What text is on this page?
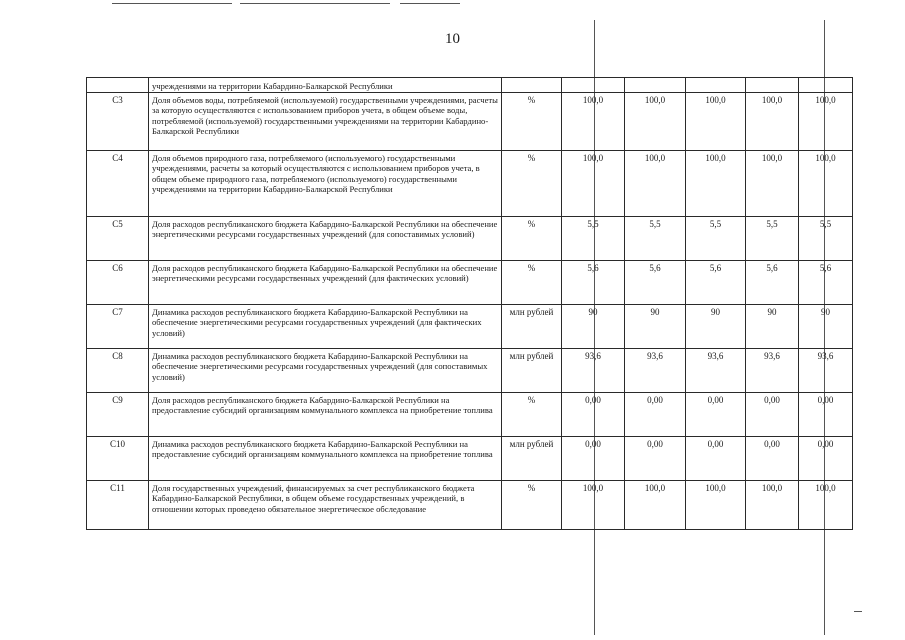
10
	учреждениями на территории Кабардино-Балкарской Республики						
C3	Доля объемов воды, потребляемой (используемой) государственными учреждениями, расчеты за которую осуществляются с использованием приборов учета, в общем объеме воды, потребляемой (используемой) государственными учреждениями на территории Кабардино-Балкарской Республики	%	100,0	100,0	100,0	100,0	100,0
C4	Доля объемов природного газа, потребляемого (используемого) государственными учреждениями, расчеты за который осуществляются с использованием приборов учета, в общем объеме природного газа, потребляемого (используемого) государственными учреждениями на территории Кабардино-Балкарской Республики	%	100,0	100,0	100,0	100,0	100,0
C5	Доля расходов республиканского бюджета Кабардино-Балкарской Республики на обеспечение энергетическими ресурсами государственных учреждений (для сопоставимых условий)	%	5,5	5,5	5,5	5,5	5,5
C6	Доля расходов республиканского бюджета Кабардино-Балкарской Республики на обеспечение энергетическими ресурсами государственных учреждений (для фактических условий)	%	5,6	5,6	5,6	5,6	5,6
C7	Динамика расходов республиканского бюджета Кабардино-Балкарской Республики на обеспечение энергетическими ресурсами государственных учреждений (для фактических условий)	млн рублей	90	90	90	90	90
C8	Динамика расходов республиканского бюджета Кабардино-Балкарской Республики на обеспечение энергетическими ресурсами государственных учреждений (для сопоставимых условий)	млн рублей	93,6	93,6	93,6	93,6	93,6
C9	Доля расходов республиканского бюджета Кабардино-Балкарской Республики на предоставление субсидий организациям коммунального комплекса на приобретение топлива	%	0,00	0,00	0,00	0,00	0,00
C10	Динамика расходов республиканского бюджета Кабардино-Балкарской Республики на предоставление субсидий организациям коммунального комплекса на приобретение топлива	млн рублей	0,00	0,00	0,00	0,00	0,00
C11	Доля государственных учреждений, финансируемых за счет республиканского бюджета Кабардино-Балкарской Республики, в общем объеме государственных учреждений, в отношении которых проведено обязательное энергетическое обследование	%	100,0	100,0	100,0	100,0	100,0
